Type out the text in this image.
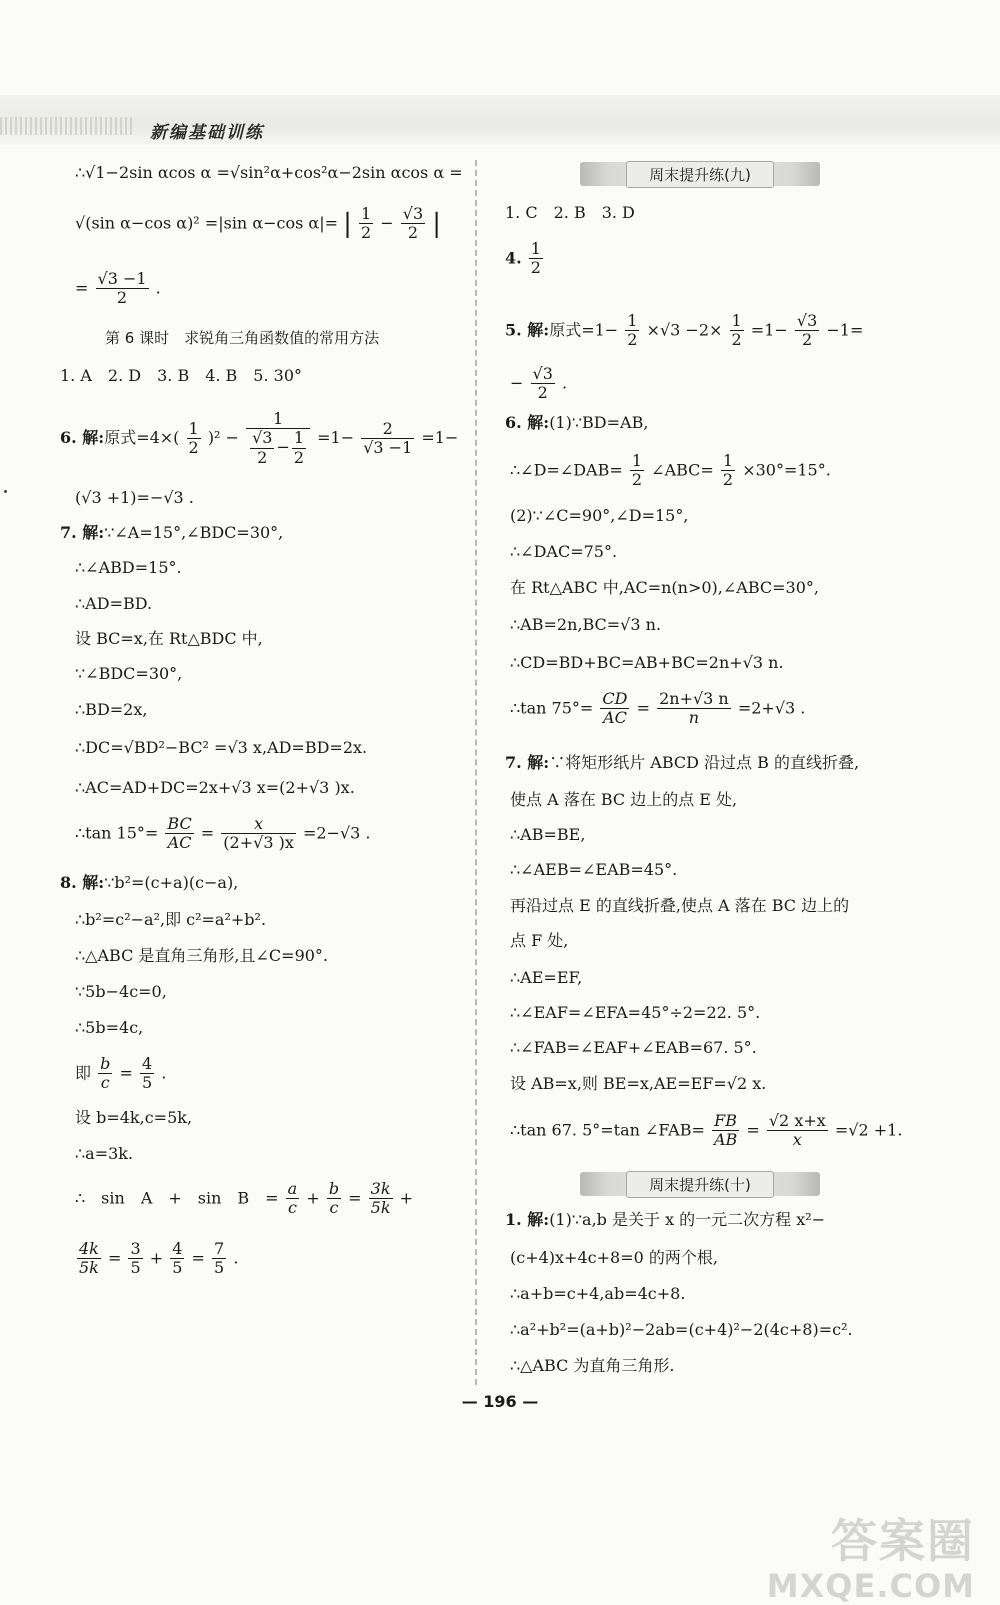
新编基础训练
∴√1−2sin αcos α =√sin²α+cos²α−2sin αcos α =
√(sin α−cos α)² =|sin α−cos α|= | $\frac{1}{2} - \frac{√3}{2}$ |
= $\frac{√3 -1}{2}$ .
第 6 课时　求锐角三角函数值的常用方法
1. A　2. D　3. B　4. B　5. 30°
6. 解:原式$=4\times( \frac{1}{2} )^2 - \frac{1}{\frac{√3}{2} - \frac{1}{2}} =1- \frac{2}{√3 -1} =1-$
(√3 +1)=−√3 .
7. 解:∵∠A=15°,∠BDC=30°,
∴∠ABD=15°.
∴AD=BD.
设 BC=x,在 Rt△BDC 中,
∵∠BDC=30°,
∴BD=2x,
∴DC=√BD²−BC² =√3 x,AD=BD=2x.
∴AC=AD+DC=2x+√3 x=(2+√3 )x.
∴tan $15^\circ= \frac{BC}{AC} = \frac{x}{(2+√3 )x} =2-√3$ .
8. 解:∵b²=(c+a)(c−a),
∴b²=c²−a²,即 c²=a²+b².
∴△ABC 是直角三角形,且∠C=90°.
∵5b−4c=0,
∴5b=4c,
即 $\frac{b}{c} = \frac{4}{5}$ .
设 b=4k,c=5k,
∴a=3k.
∴　sin　A　+　sin　B　= $\frac{a}{c} + \frac{b}{c} = \frac{3k}{5k}$ +
$\frac{4k}{5k} = \frac{3}{5} + \frac{4}{5} = \frac{7}{5}$ .
周末提升练(九)
1. C　2. B　3. D
4. $\frac{1}{2}$
5. 解:原式$=1- \frac{1}{2} \times√3 -2\times \frac{1}{2} =1- \frac{√3}{2} -1=$
− $\frac{√3}{2}$ .
6. 解:(1)∵BD=AB,
∴∠D=∠DAB= $\frac{1}{2}$ ∠ABC= $\frac{1}{2} \times 30^\circ=15^\circ$.
(2)∵∠C=90°,∠D=15°,
∴∠DAC=75°.
在 Rt△ABC 中,AC=n(n>0),∠ABC=30°,
∴AB=2n,BC=√3 n.
∴CD=BD+BC=AB+BC=2n+√3 n.
∴tan $75^\circ= \frac{CD}{AC} = \frac{2n+√3 n}{n} =2+√3$ .
7. 解:∵将矩形纸片 ABCD 沿过点 B 的直线折叠,
使点 A 落在 BC 边上的点 E 处,
∴AB=BE,
∴∠AEB=∠EAB=45°.
再沿过点 E 的直线折叠,使点 A 落在 BC 边上的
点 F 处,
∴AE=EF,
∴∠EAF=∠EFA=45°÷2=22. 5°.
∴∠FAB=∠EAF+∠EAB=67. 5°.
设 AB=x,则 BE=x,AE=EF=√2 x.
∴tan 67. 5°=tan ∠FAB= $\frac{FB}{AB} = \frac{√2 x+x}{x} =√2 +1$.
周末提升练(十)
1. 解:(1)∵a,b 是关于 x 的一元二次方程 x²−
(c+4)x+4c+8=0 的两个根,
∴a+b=c+4,ab=4c+8.
∴a²+b²=(a+b)²−2ab=(c+4)²−2(4c+8)=c².
∴△ABC 为直角三角形.
— 196 —
答案圈
MXQE.COM
